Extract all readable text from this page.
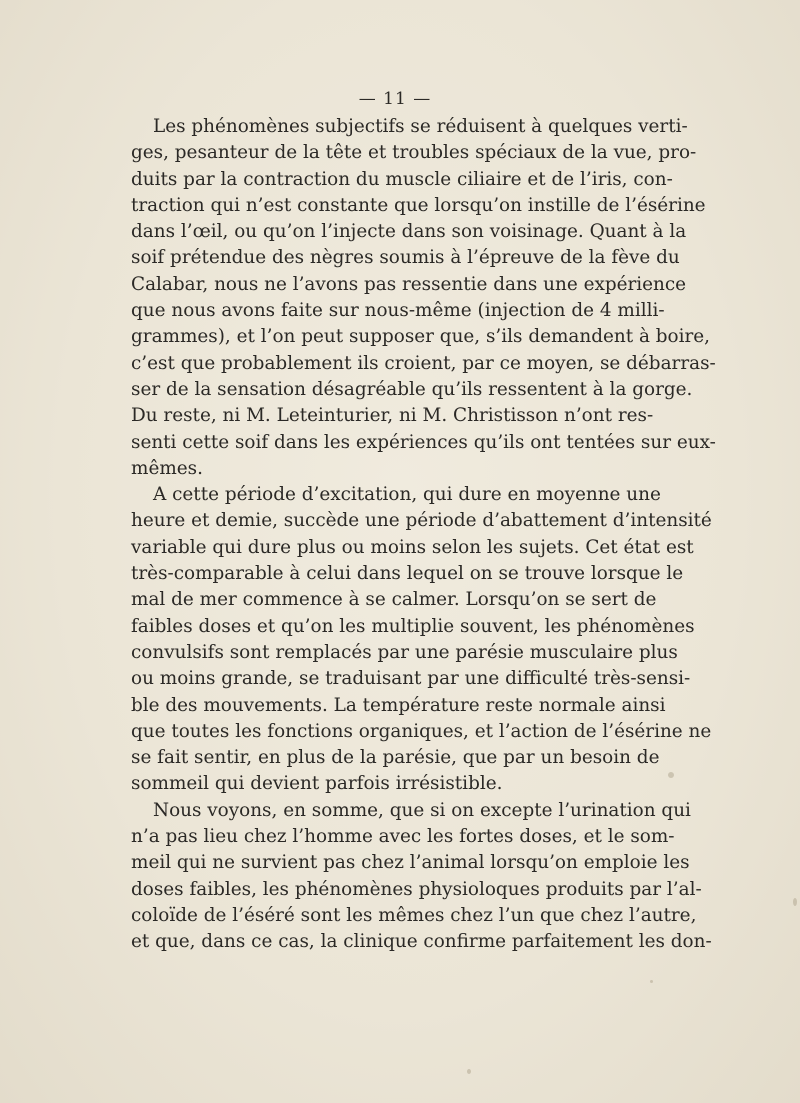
— 11 —
Les phénomènes subjectifs se réduisent à quelques verti-
ges, pesanteur de la tête et troubles spéciaux de la vue, pro-
duits par la contraction du muscle ciliaire et de l’iris, con-
traction qui n’est constante que lorsqu’on instille de l’ésérine
dans l’œil, ou qu’on l’injecte dans son voisinage. Quant à la
soif prétendue des nègres soumis à l’épreuve de la fève du
Calabar, nous ne l’avons pas ressentie dans une expérience
que nous avons faite sur nous-même (injection de 4 milli-
grammes), et l’on peut supposer que, s’ils demandent à boire,
c’est que probablement ils croient, par ce moyen, se débarras-
ser de la sensation désagréable qu’ils ressentent à la gorge.
Du reste, ni M. Leteinturier, ni M. Christisson n’ont res-
senti cette soif dans les expériences qu’ils ont tentées sur eux-
mêmes.
A cette période d’excitation, qui dure en moyenne une
heure et demie, succède une période d’abattement d’intensité
variable qui dure plus ou moins selon les sujets. Cet état est
très-comparable à celui dans lequel on se trouve lorsque le
mal de mer commence à se calmer. Lorsqu’on se sert de
faibles doses et qu’on les multiplie souvent, les phénomènes
convulsifs sont remplacés par une parésie musculaire plus
ou moins grande, se traduisant par une difficulté très-sensi-
ble des mouvements. La température reste normale ainsi
que toutes les fonctions organiques, et l’action de l’ésérine ne
se fait sentir, en plus de la parésie, que par un besoin de
sommeil qui devient parfois irrésistible.
Nous voyons, en somme, que si on excepte l’urination qui
n’a pas lieu chez l’homme avec les fortes doses, et le som-
meil qui ne survient pas chez l’animal lorsqu’on emploie les
doses faibles, les phénomènes physioloques produits par l’al-
coloïde de l’éséré sont les mêmes chez l’un que chez l’autre,
et que, dans ce cas, la clinique confirme parfaitement les don-
